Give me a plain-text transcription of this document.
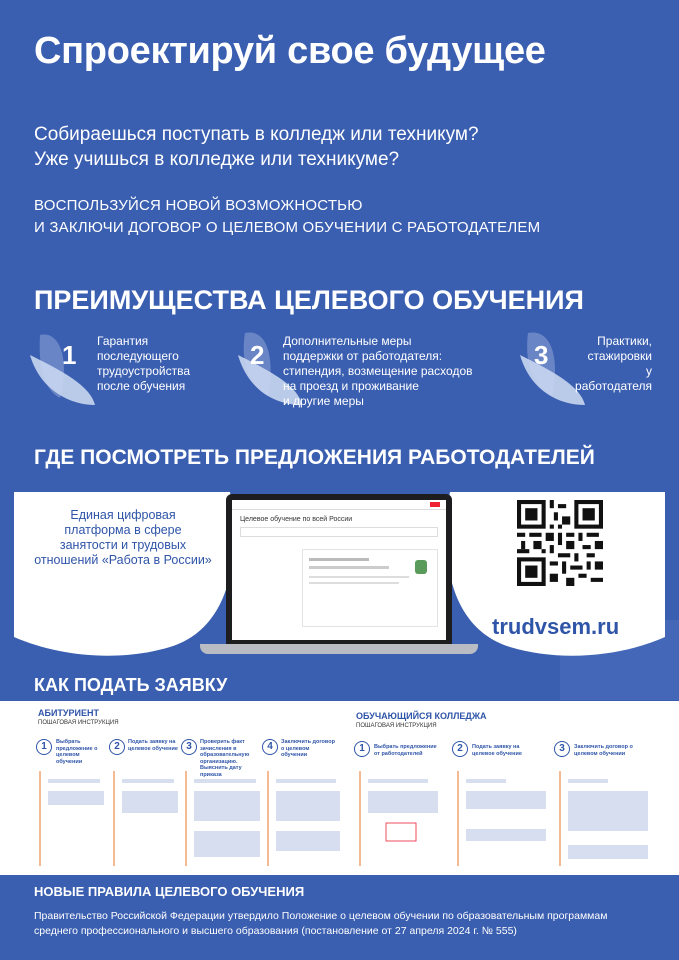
Спроектируй свое будущее
Собираешься поступать в колледж или техникум?
Уже учишься в колледже или техникуме?
ВОСПОЛЬЗУЙСЯ НОВОЙ ВОЗМОЖНОСТЬЮ
И ЗАКЛЮЧИ ДОГОВОР О ЦЕЛЕВОМ ОБУЧЕНИИ С РАБОТОДАТЕЛЕМ
ПРЕИМУЩЕСТВА ЦЕЛЕВОГО ОБУЧЕНИЯ
1 Гарантия
последующего
трудоустройства
после обучения
2 Дополнительные меры
поддержки от работодателя:
стипендия, возмещение расходов
на проезд и проживание
и другие меры
3	Практики,
стажировки
у работодателя
ГДЕ ПОСМОТРЕТЬ ПРЕДЛОЖЕНИЯ РАБОТОДАТЕЛЕЙ
Единая цифровая
платформа в сфере
занятости и трудовых
отношений «Работа в России»
Целевое обучение по всей России
trudvsem.ru
КАК ПОДАТЬ ЗАЯВКУ
АБИТУРИЕНТ
ПОШАГОВАЯ ИНСТРУКЦИЯ
1	Выбрать предложение о целевом обучении
2	Подать заявку на целевое обучение 3	Проверить факт зачисления в образовательную организацию. Выяснить дату приказа
4	Заключить договор о целевом обучении
ОБУЧАЮЩИЙСЯ КОЛЛЕДЖА
ПОШАГОВАЯ ИНСТРУКЦИЯ
1	Выбрать предложение от работодателей	2	Подать заявку на целевое обучение	3	Заключить договор о целевом обучении
НОВЫЕ ПРАВИЛА ЦЕЛЕВОГО ОБУЧЕНИЯ
Правительство Российской Федерации утвердило Положение о целевом обучении по образовательным программам
среднего профессионального и высшего образования (постановление от 27 апреля 2024 г. № 555)
